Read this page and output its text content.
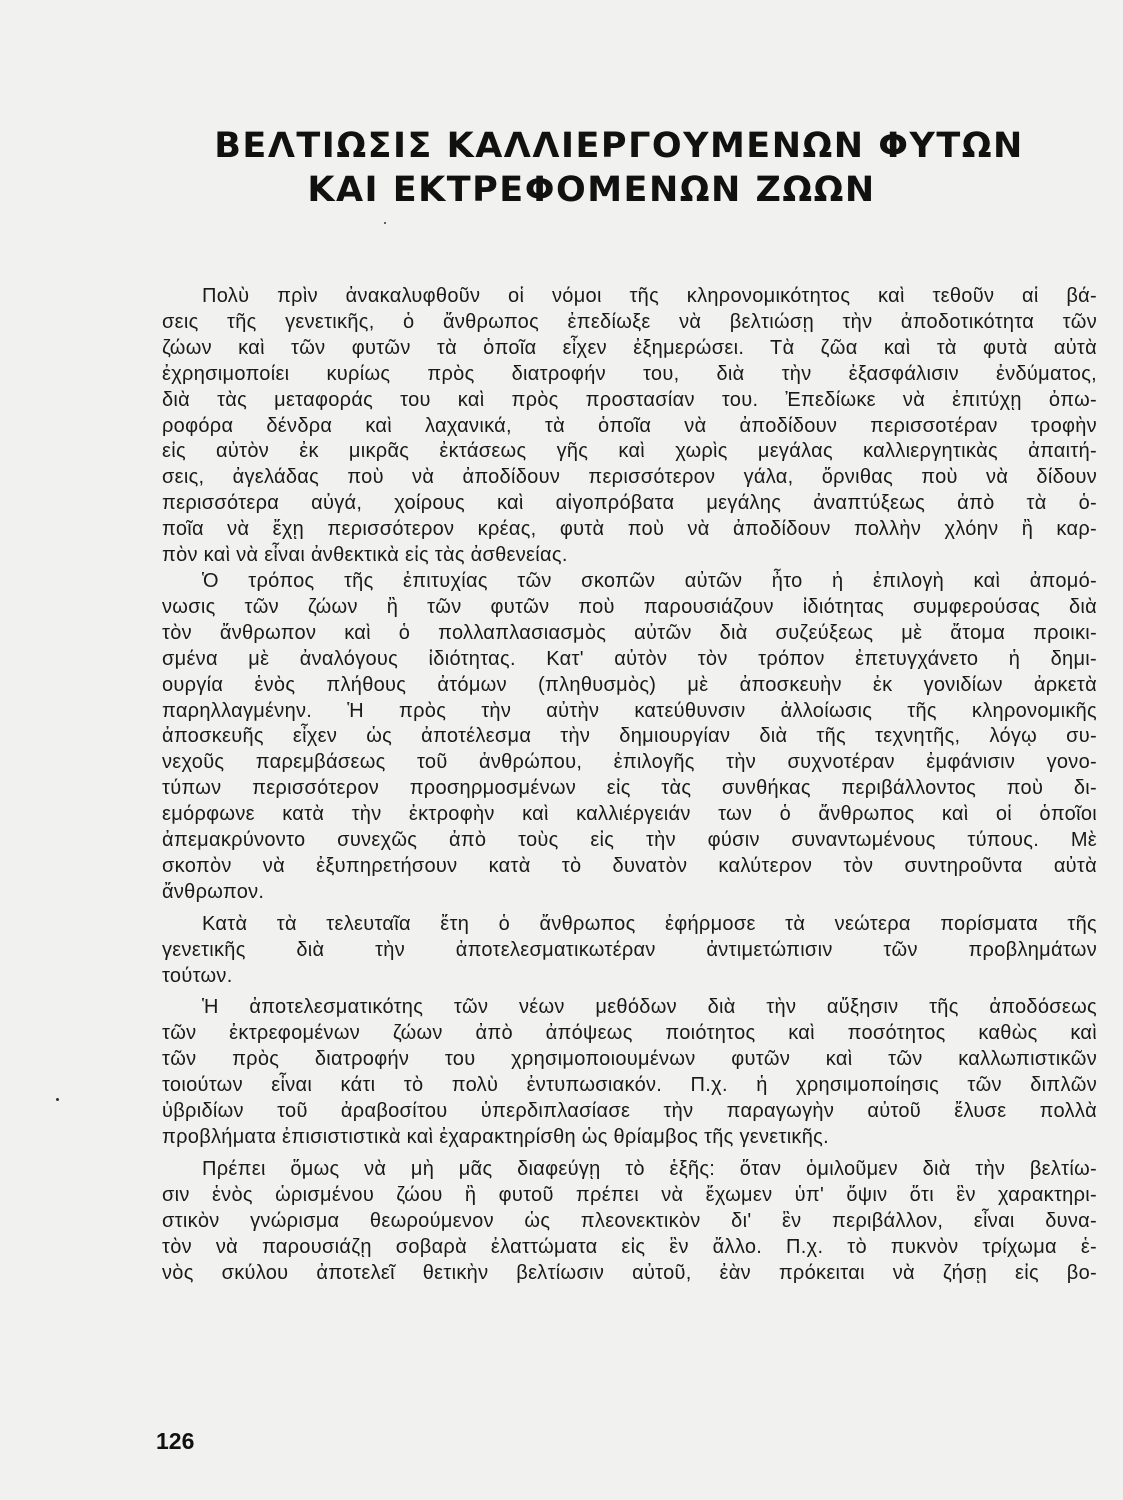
ΒΕΛΤΙΩΣΙΣ ΚΑΛΛΙΕΡΓΟΥΜΕΝΩΝ ΦΥΤΩΝ
ΚΑΙ ΕΚΤΡΕΦΟΜΕΝΩΝ ΖΩΩΝ

Πολὺ πρὶν ἀνακαλυφθοῦν οἱ νόμοι τῆς κληρονομικότητος καὶ τεθοῦν αἱ βά-
σεις τῆς γενετικῆς, ὁ ἄνθρωπος ἐπεδίωξε νὰ βελτιώσῃ τὴν ἀποδοτικότητα τῶν
ζώων καὶ τῶν φυτῶν τὰ ὁποῖα εἶχεν ἐξημερώσει. Τὰ ζῶα καὶ τὰ φυτὰ αὐτὰ
ἐχρησιμοποίει κυρίως πρὸς διατροφήν του, διὰ τὴν ἐξασφάλισιν ἐνδύματος,
διὰ τὰς μεταφοράς του καὶ πρὸς προστασίαν του. Ἐπεδίωκε νὰ ἐπιτύχῃ ὀπω-
ροφόρα δένδρα καὶ λαχανικά, τὰ ὁποῖα νὰ ἀποδίδουν περισσοτέραν τροφὴν
εἰς αὐτὸν ἐκ μικρᾶς ἐκτάσεως γῆς καὶ χωρὶς μεγάλας καλλιεργητικὰς ἀπαιτή-
σεις, ἀγελάδας ποὺ νὰ ἀποδίδουν περισσότερον γάλα, ὄρνιθας ποὺ νὰ δίδουν
περισσότερα αὐγά, χοίρους καὶ αἰγοπρόβατα μεγάλης ἀναπτύξεως ἀπὸ τὰ ὁ-
ποῖα νὰ ἔχῃ περισσότερον κρέας, φυτὰ ποὺ νὰ ἀποδίδουν πολλὴν χλόην ἢ καρ-
πὸν καὶ νὰ εἶναι ἀνθεκτικὰ εἰς τὰς ἀσθενείας.

Ὁ τρόπος τῆς ἐπιτυχίας τῶν σκοπῶν αὐτῶν ἦτο ἡ ἐπιλογὴ καὶ ἀπομό-
νωσις τῶν ζώων ἢ τῶν φυτῶν ποὺ παρουσιάζουν ἰδιότητας συμφερούσας διὰ
τὸν ἄνθρωπον καὶ ὁ πολλαπλασιασμὸς αὐτῶν διὰ συζεύξεως μὲ ἄτομα προικι-
σμένα μὲ ἀναλόγους ἰδιότητας. Κατ' αὐτὸν τὸν τρόπον ἐπετυγχάνετο ἡ δημι-
ουργία ἑνὸς πλήθους ἀτόμων (πληθυσμὸς) μὲ ἀποσκευὴν ἐκ γονιδίων ἀρκετὰ
παρηλλαγμένην. Ἡ πρὸς τὴν αὐτὴν κατεύθυνσιν ἀλλοίωσις τῆς κληρονομικῆς
ἀποσκευῆς εἶχεν ὡς ἀποτέλεσμα τὴν δημιουργίαν διὰ τῆς τεχνητῆς, λόγῳ συ-
νεχοῦς παρεμβάσεως τοῦ ἀνθρώπου, ἐπιλογῆς τὴν συχνοτέραν ἐμφάνισιν γονο-
τύπων περισσότερον προσηρμοσμένων εἰς τὰς συνθήκας περιβάλλοντος ποὺ δι-
εμόρφωνε κατὰ τὴν ἐκτροφὴν καὶ καλλιέργειάν των ὁ ἄνθρωπος καὶ οἱ ὁποῖοι
ἀπεμακρύνοντο συνεχῶς ἀπὸ τοὺς εἰς τὴν φύσιν συναντωμένους τύπους. Μὲ
σκοπὸν νὰ ἐξυπηρετήσουν κατὰ τὸ δυνατὸν καλύτερον τὸν συντηροῦντα αὐτὰ
ἄνθρωπον.

Κατὰ τὰ τελευταῖα ἔτη ὁ ἄνθρωπος ἐφήρμοσε τὰ νεώτερα πορίσματα τῆς
γενετικῆς διὰ τὴν ἀποτελεσματικωτέραν ἀντιμετώπισιν τῶν προβλημάτων
τούτων.

Ἡ ἀποτελεσματικότης τῶν νέων μεθόδων διὰ τὴν αὔξησιν τῆς ἀποδόσεως
τῶν ἐκτρεφομένων ζώων ἀπὸ ἀπόψεως ποιότητος καὶ ποσότητος καθὼς καὶ
τῶν πρὸς διατροφήν του χρησιμοποιουμένων φυτῶν καὶ τῶν καλλωπιστικῶν
τοιούτων εἶναι κάτι τὸ πολὺ ἐντυπωσιακόν. Π.χ. ἡ χρησιμοποίησις τῶν διπλῶν
ὑβριδίων τοῦ ἀραβοσίτου ὑπερδιπλασίασε τὴν παραγωγὴν αὐτοῦ ἔλυσε πολλὰ
προβλήματα ἐπισιστιστικὰ καὶ ἐχαρακτηρίσθη ὡς θρίαμβος τῆς γενετικῆς.

Πρέπει ὅμως νὰ μὴ μᾶς διαφεύγῃ τὸ ἑξῆς: ὅταν ὁμιλοῦμεν διὰ τὴν βελτίω-
σιν ἑνὸς ὡρισμένου ζώου ἢ φυτοῦ πρέπει νὰ ἔχωμεν ὑπ' ὄψιν ὅτι ἓν χαρακτηρι-
στικὸν γνώρισμα θεωρούμενον ὡς πλεονεκτικὸν δι' ἓν περιβάλλον, εἶναι δυνα-
τὸν νὰ παρουσιάζῃ σοβαρὰ ἐλαττώματα εἰς ἓν ἄλλο. Π.χ. τὸ πυκνὸν τρίχωμα ἑ-
νὸς σκύλου ἀποτελεῖ θετικὴν βελτίωσιν αὐτοῦ, ἐὰν πρόκειται νὰ ζήσῃ εἰς βο-

126
